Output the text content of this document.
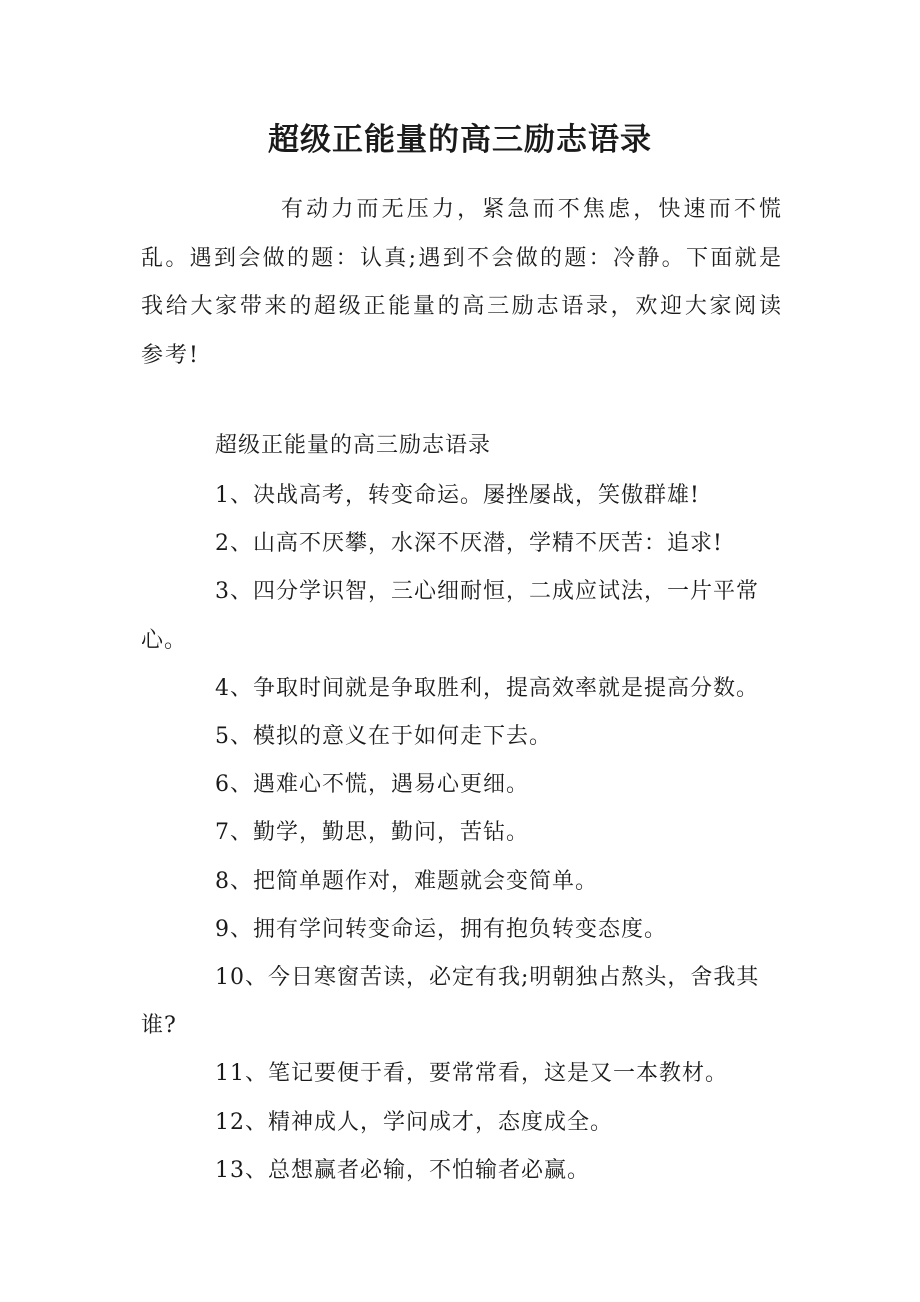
超级正能量的高三励志语录

有动力而无压力，紧急而不焦虑，快速而不慌乱。遇到会做的题：认真;遇到不会做的题：冷静。下面就是我给大家带来的超级正能量的高三励志语录，欢迎大家阅读参考!

超级正能量的高三励志语录
1、决战高考，转变命运。屡挫屡战，笑傲群雄!
2、山高不厌攀，水深不厌潜，学精不厌苦：追求!
3、四分学识智，三心细耐恒，二成应试法，一片平常心。
4、争取时间就是争取胜利，提高效率就是提高分数。
5、模拟的意义在于如何走下去。
6、遇难心不慌，遇易心更细。
7、勤学，勤思，勤问，苦钻。
8、把简单题作对，难题就会变简单。
9、拥有学问转变命运，拥有抱负转变态度。
10、今日寒窗苦读，必定有我;明朝独占熬头，舍我其谁?
11、笔记要便于看，要常常看，这是又一本教材。
12、精神成人，学问成才，态度成全。
13、总想赢者必输，不怕输者必赢。
